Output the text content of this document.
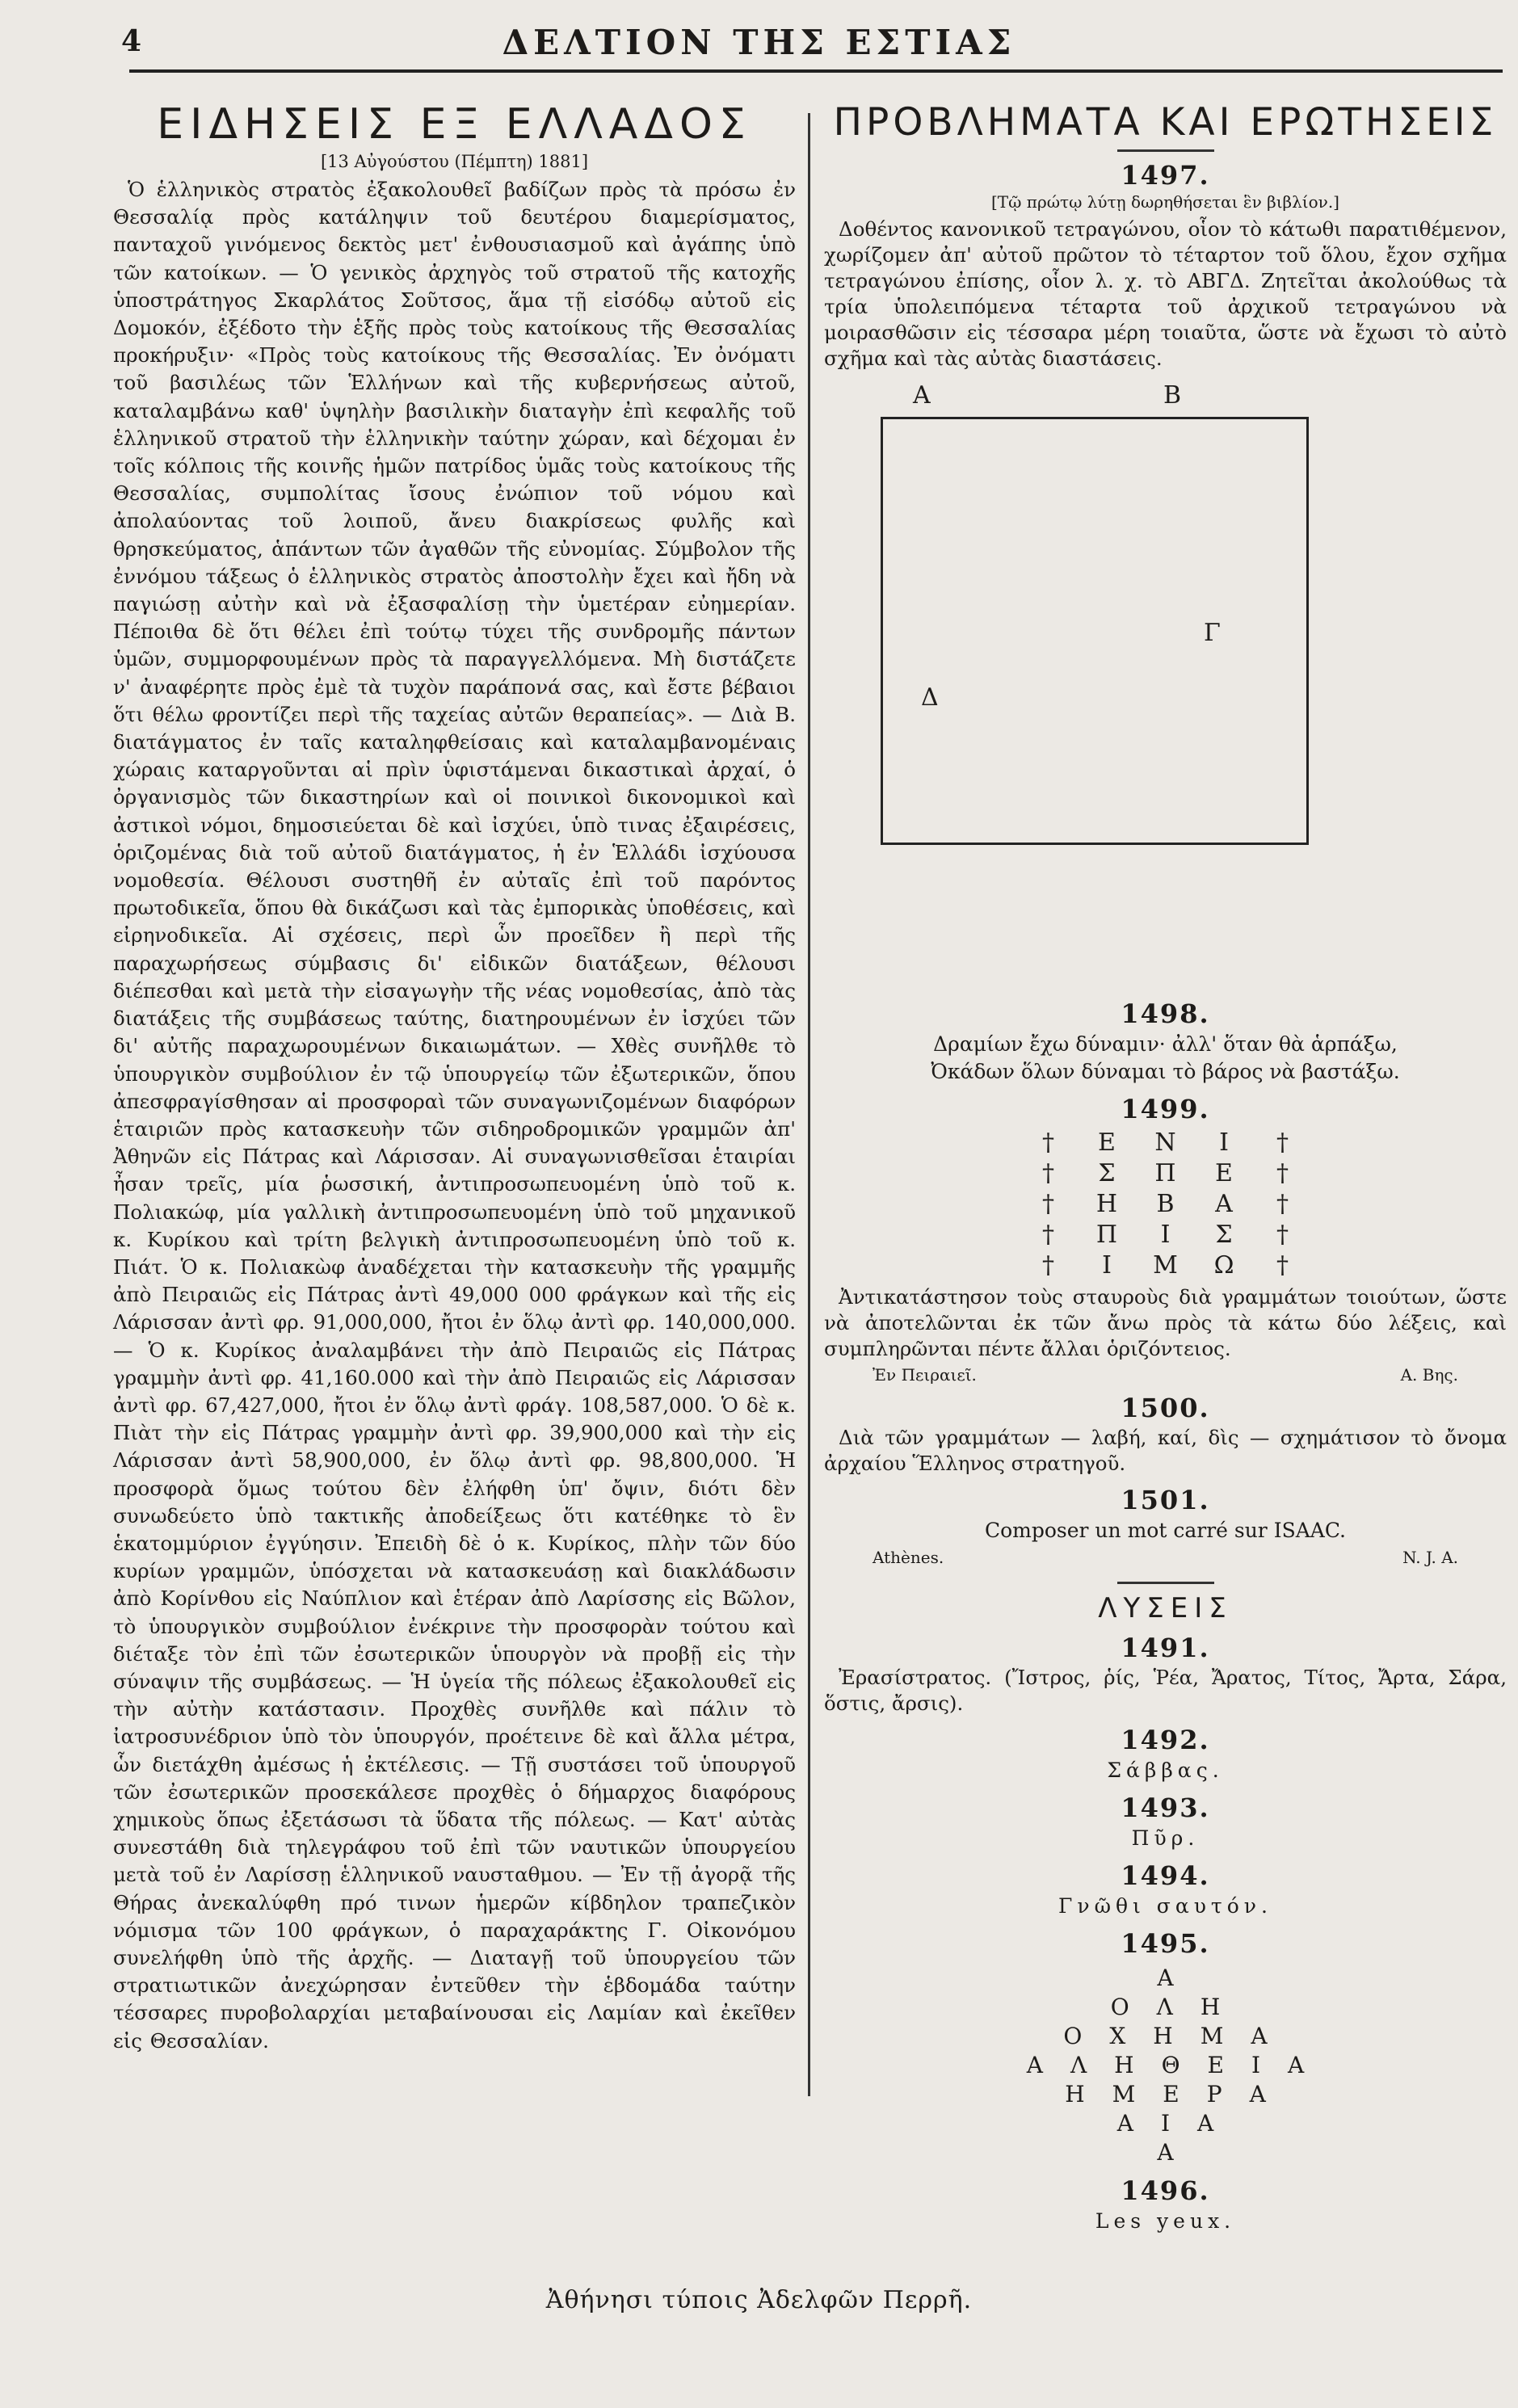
4	ΔΕΛΤΙΟΝ ΤΗΣ ΕΣΤΙΑΣ
ΕΙΔΗΣΕΙΣ ΕΞ ΕΛΛΑΔΟΣ
[13 Αὐγούστου (Πέμπτη) 1881]

Ὁ ἑλληνικὸς στρατὸς ἐξακολουθεῖ βαδίζων πρὸς τὰ πρόσω ἐν Θεσσαλίᾳ πρὸς κατάληψιν τοῦ δευτέρου διαμερίσματος, πανταχοῦ γινόμενος δεκτὸς μετ' ἐνθουσιασμοῦ καὶ ἀγάπης ὑπὸ τῶν κατοίκων. — Ὁ γενικὸς ἀρχηγὸς τοῦ στρατοῦ τῆς κατοχῆς ὑποστράτηγος Σκαρλάτος Σοῦτσος, ἅμα τῇ εἰσόδῳ αὐτοῦ εἰς Δομοκόν, ἐξέδοτο τὴν ἑξῆς πρὸς τοὺς κατοίκους τῆς Θεσσαλίας προκήρυξιν· «Πρὸς τοὺς κατοίκους τῆς Θεσσαλίας. Ἐν ὀνόματι τοῦ βασιλέως τῶν Ἑλλήνων καὶ τῆς κυβερνήσεως αὐτοῦ, καταλαμβάνω καθ' ὑψηλὴν βασιλικὴν διαταγὴν ἐπὶ κεφαλῆς τοῦ ἑλληνικοῦ στρατοῦ τὴν ἑλληνικὴν ταύτην χώραν, καὶ δέχομαι ἐν τοῖς κόλποις τῆς κοινῆς ἡμῶν πατρίδος ὑμᾶς τοὺς κατοίκους τῆς Θεσσαλίας, συμπολίτας ἴσους ἐνώπιον τοῦ νόμου καὶ ἀπολαύοντας τοῦ λοιποῦ, ἄνευ διακρίσεως φυλῆς καὶ θρησκεύματος, ἁπάντων τῶν ἀγαθῶν τῆς εὐνομίας. Σύμβολον τῆς ἐννόμου τάξεως ὁ ἑλληνικὸς στρατὸς ἀποστολὴν ἔχει καὶ ἤδη νὰ παγιώσῃ αὐτὴν καὶ νὰ ἐξασφαλίσῃ τὴν ὑμετέραν εὐημερίαν. Πέποιθα δὲ ὅτι θέλει ἐπὶ τούτῳ τύχει τῆς συνδρομῆς πάντων ὑμῶν, συμμορφουμένων πρὸς τὰ παραγγελλόμενα. Μὴ διστάζετε ν' ἀναφέρητε πρὸς ἐμὲ τὰ τυχὸν παράπονά σας, καὶ ἔστε βέβαιοι ὅτι θέλω φροντίζει περὶ τῆς ταχείας αὐτῶν θεραπείας». — Διὰ Β. διατάγματος ἐν ταῖς καταληφθείσαις καὶ καταλαμβανομέναις χώραις καταργοῦνται αἱ πρὶν ὑφιστάμεναι δικαστικαὶ ἀρχαί, ὁ ὀργανισμὸς τῶν δικαστηρίων καὶ οἱ ποινικοὶ δικονομικοὶ καὶ ἀστικοὶ νόμοι, δημοσιεύεται δὲ καὶ ἰσχύει, ὑπὸ τινας ἐξαιρέσεις, ὁριζομένας διὰ τοῦ αὐτοῦ διατάγματος, ἡ ἐν Ἑλλάδι ἰσχύουσα νομοθεσία. Θέλουσι συστηθῆ ἐν αὐταῖς ἐπὶ τοῦ παρόντος πρωτοδικεῖα, ὅπου θὰ δικάζωσι καὶ τὰς ἐμπορικὰς ὑποθέσεις, καὶ εἰρηνοδικεῖα. Αἱ σχέσεις, περὶ ὧν προεῖδεν ἢ περὶ τῆς παραχωρήσεως σύμβασις δι' εἰδικῶν διατάξεων, θέλουσι διέπεσθαι καὶ μετὰ τὴν εἰσαγωγὴν τῆς νέας νομοθεσίας, ἀπὸ τὰς διατάξεις τῆς συμβάσεως ταύτης, διατηρουμένων ἐν ἰσχύει τῶν δι' αὐτῆς παραχωρουμένων δικαιωμάτων. — Χθὲς συνῆλθε τὸ ὑπουργικὸν συμβούλιον ἐν τῷ ὑπουργείῳ τῶν ἐξωτερικῶν, ὅπου ἀπεσφραγίσθησαν αἱ προσφοραὶ τῶν συναγωνιζομένων διαφόρων ἑταιριῶν πρὸς κατασκευὴν τῶν σιδηροδρομικῶν γραμμῶν ἀπ' Ἀθηνῶν εἰς Πάτρας καὶ Λάρισσαν. Αἱ συναγωνισθεῖσαι ἑταιρίαι ἦσαν τρεῖς, μία ῥωσσική, ἀντιπροσωπευομένη ὑπὸ τοῦ κ. Πολιακώφ, μία γαλλικὴ ἀντιπροσωπευομένη ὑπὸ τοῦ μηχανικοῦ κ. Κυρίκου καὶ τρίτη βελγικὴ ἀντιπροσωπευομένη ὑπὸ τοῦ κ. Πιάτ. Ὁ κ. Πολιακὼφ ἀναδέχεται τὴν κατασκευὴν τῆς γραμμῆς ἀπὸ Πειραιῶς εἰς Πάτρας ἀντὶ 49,000 000 φράγκων καὶ τῆς εἰς Λάρισσαν ἀντὶ φρ. 91,000,000, ἤτοι ἐν ὅλῳ ἀντὶ φρ. 140,000,000. — Ὁ κ. Κυρίκος ἀναλαμβάνει τὴν ἀπὸ Πειραιῶς εἰς Πάτρας γραμμὴν ἀντὶ φρ. 41,160.000 καὶ τὴν ἀπὸ Πειραιῶς εἰς Λάρισσαν ἀντὶ φρ. 67,427,000, ἤτοι ἐν ὅλῳ ἀντὶ φράγ. 108,587,000. Ὁ δὲ κ. Πιὰτ τὴν εἰς Πάτρας γραμμὴν ἀντὶ φρ. 39,900,000 καὶ τὴν εἰς Λάρισσαν ἀντὶ 58,900,000, ἐν ὅλῳ ἀντὶ φρ. 98,800,000. Ἡ προσφορὰ ὅμως τούτου δὲν ἐλήφθη ὑπ' ὄψιν, διότι δὲν συνωδεύετο ὑπὸ τακτικῆς ἀποδείξεως ὅτι κατέθηκε τὸ ἓν ἑκατομμύριον ἐγγύησιν. Ἐπειδὴ δὲ ὁ κ. Κυρίκος, πλὴν τῶν δύο κυρίων γραμμῶν, ὑπόσχεται νὰ κατασκευάσῃ καὶ διακλάδωσιν ἀπὸ Κορίνθου εἰς Ναύπλιον καὶ ἑτέραν ἀπὸ Λαρίσσης εἰς Βῶλον, τὸ ὑπουργικὸν συμβούλιον ἐνέκρινε τὴν προσφορὰν τούτου καὶ διέταξε τὸν ἐπὶ τῶν ἐσωτερικῶν ὑπουργὸν νὰ προβῇ εἰς τὴν σύναψιν τῆς συμβάσεως. — Ἡ ὑγεία τῆς πόλεως ἐξακολουθεῖ εἰς τὴν αὐτὴν κατάστασιν. Προχθὲς συνῆλθε καὶ πάλιν τὸ ἰατροσυνέδριον ὑπὸ τὸν ὑπουργόν, προέτεινε δὲ καὶ ἄλλα μέτρα, ὧν διετάχθη ἀμέσως ἡ ἐκτέλεσις. — Τῇ συστάσει τοῦ ὑπουργοῦ τῶν ἐσωτερικῶν προσεκάλεσε προχθὲς ὁ δήμαρχος διαφόρους χημικοὺς ὅπως ἐξετάσωσι τὰ ὕδατα τῆς πόλεως. — Κατ' αὐτὰς συνεστάθη διὰ τηλεγράφου τοῦ ἐπὶ τῶν ναυτικῶν ὑπουργείου μετὰ τοῦ ἐν Λαρίσσῃ ἑλληνικοῦ ναυσταθμου. — Ἐν τῇ ἀγορᾷ τῆς Θήρας ἀνεκαλύφθη πρό τινων ἡμερῶν κίβδηλον τραπεζικὸν νόμισμα τῶν 100 φράγκων, ὁ παραχαράκτης Γ. Οἰκονόμου συνελήφθη ὑπὸ τῆς ἀρχῆς. — Διαταγῇ τοῦ ὑπουργείου τῶν στρατιωτικῶν ἀνεχώρησαν ἐντεῦθεν τὴν ἑβδομάδα ταύτην τέσσαρες πυροβολαρχίαι μεταβαίνουσαι εἰς Λαμίαν καὶ ἐκεῖθεν εἰς Θεσσαλίαν.

ΠΡΟΒΛΗΜΑΤΑ ΚΑΙ ΕΡΩΤΗΣΕΙΣ
1497.
[Τῷ πρώτῳ λύτῃ δωρηθήσεται ἓν βιβλίον.]

Δοθέντος κανονικοῦ τετραγώνου, οἷον τὸ κάτωθι παρατιθέμενον, χωρίζομεν ἀπ' αὐτοῦ πρῶτον τὸ τέταρτον τοῦ ὅλου, ἔχον σχῆμα τετραγώνου ἐπίσης, οἷον λ. χ. τὸ ΑΒΓΔ. Ζητεῖται ἀκολούθως τὰ τρία ὑπολειπόμενα τέταρτα τοῦ ἀρχικοῦ τετραγώνου νὰ μοιρασθῶσιν εἰς τέσσαρα μέρη τοιαῦτα, ὥστε νὰ ἔχωσι τὸ αὐτὸ σχῆμα καὶ τὰς αὐτὰς διαστάσεις.

Α	Β
Γ
Δ
1498.

Δραμίων ἔχω δύναμιν· ἀλλ' ὅταν θὰ ἁρπάξω,

Ὀκάδων ὅλων δύναμαι τὸ βάρος νὰ βαστάξω.

1499.
†	Ε	Ν	Ι	†
†	Σ	Π	Ε	†
†	Η	Β	Α	†
†	Π	Ι	Σ	†
†	Ι	Μ	Ω	†

Ἀντικατάστησον τοὺς σταυροὺς διὰ γραμμάτων τοιούτων, ὥστε νὰ ἀποτελῶνται ἐκ τῶν ἄνω πρὸς τὰ κάτω δύο λέξεις, καὶ συμπληρῶνται πέντε ἄλλαι ὁριζόντειος.

Ἐν Πειραιεῖ.	Α. Βης.
1500.

Διὰ τῶν γραμμάτων — λαβή, καί, δὶς — σχημάτισον τὸ ὄνομα ἀρχαίου Ἕλληνος στρατηγοῦ.

1501.

Composer un mot carré sur ISAAC.

Athènes.	N. J. A.
ΛΥΣΕΙΣ
1491.

Ἐρασίστρατος. (Ἴστρος, ῥίς, Ῥέα, Ἄρατος, Τίτος, Ἄρτα, Σάρα, ὅστις, ἄρσις).

1492.

Σάββας.

1493.

Πῦρ.

1494.

Γνῶθι σαυτόν.

1495.
Α
ΟΛΗ
ΟΧΗΜΑ
ΑΛΗΘΕΙΑ
ΗΜΕΡΑ
ΑΙΑ
Α
1496.

Les yeux.

Ἀθήνησι τύποις Ἀδελφῶν Περρῆ.
